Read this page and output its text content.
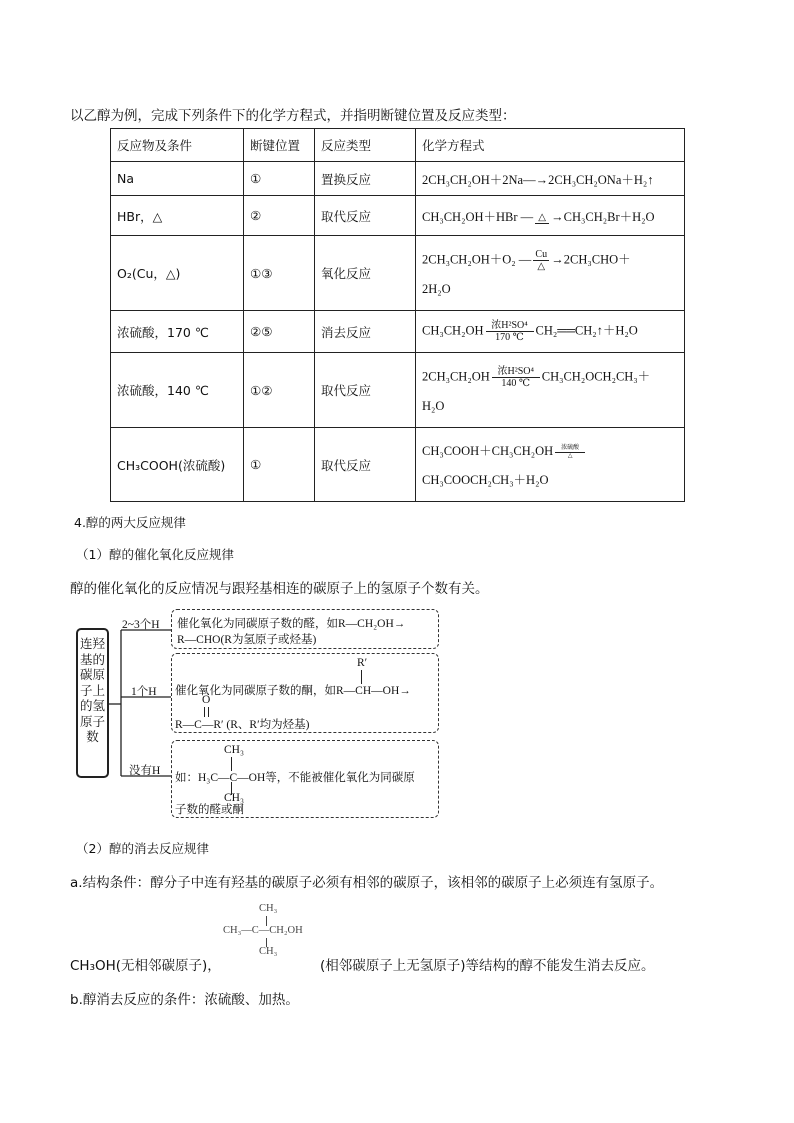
以乙醇为例，完成下列条件下的化学方程式，并指明断键位置及反应类型：
反应物及条件	断键位置	反应类型	化学方程式
Na	①	置换反应	2CH₃CH₂OH＋2Na—→2CH₃CH₂ONa＋H₂↑
HBr，△	②	取代反应	CH₃CH₂OH＋HBr — △ →CH₃CH₂Br＋H₂O
O₂(Cu，△)	①③	氧化反应	2CH₃CH₂OH＋O₂ — Cu
△
→2CH₃CHO＋
2H₂O

浓硫酸，170 ℃	②⑤	消去反应	CH₃CH₂OH 浓H²SO⁴
170 ℃
CH₂══CH₂↑＋H₂O
浓硫酸，140 ℃	①②	取代反应	2CH₃CH₂OH 浓H²SO⁴
140 ℃
CH₃CH₂OCH₂CH₃＋
H₂O

CH₃COOH(浓硫酸)	①	取代反应	CH₃COOH＋CH₃CH₂OH 浓硫酸
△
CH₃COOCH₂CH₃＋H₂O
4.醇的两大反应规律
（1）醇的催化氧化反应规律
醇的催化氧化的反应情况与跟羟基相连的碳原子上的氢原子个数有关。
连羟
基的
碳原
子上
的氢
原子
数
2~3个H
1个H
没有H
催化氧化为同碳原子数的醛，如R—CH₂OH→
R—CHO(R为氢原子或烃基)
R′
催化氧化为同碳原子数的酮，如R—CH—OH→
O
R—C—R′ (R、R′均为烃基)
CH₃
如：H₃C—C—OH等，不能被催化氧化为同碳原
CH₃
子数的醛或酮
（2）醇的消去反应规律
a.结构条件：醇分子中连有羟基的碳原子必须有相邻的碳原子，该相邻的碳原子上必须连有氢原子。
CH₃
CH₃—C—CH₂OH
CH₃
CH₃OH(无相邻碳原子)，	(相邻碳原子上无氢原子)等结构的醇不能发生消去反应。
b.醇消去反应的条件：浓硫酸、加热。
